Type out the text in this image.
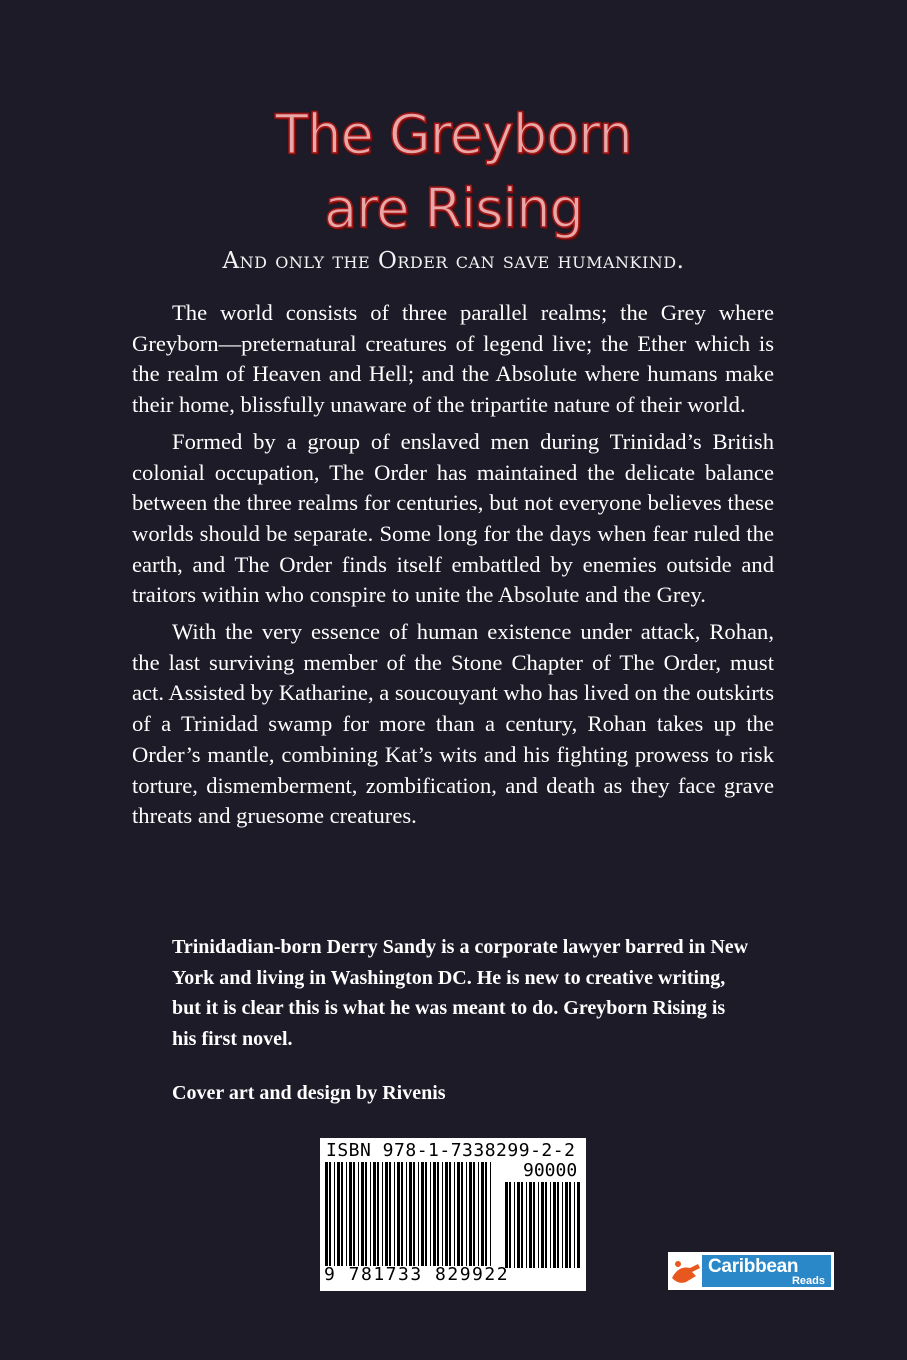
The Greyborn
are Rising
And only the Order can save humankind.

The world consists of three parallel realms; the Grey where Greyborn—preternatural creatures of legend live; the Ether which is the realm of Heaven and Hell; and the Absolute where humans make their home, blissfully unaware of the tripartite nature of their world.

Formed by a group of enslaved men during Trinidad’s British colonial occupation, The Order has maintained the delicate balance between the three realms for centuries, but not everyone believes these worlds should be separate. Some long for the days when fear ruled the earth, and The Order finds itself embattled by enemies outside and traitors within who conspire to unite the Absolute and the Grey.

With the very essence of human existence under attack, Rohan, the last surviving member of the Stone Chapter of The Order, must act. Assisted by Katharine, a soucouyant who has lived on the outskirts of a Trinidad swamp for more than a century, Rohan takes up the Order’s mantle, combining Kat’s wits and his fighting prowess to risk torture, dismemberment, zombification, and death as they face grave threats and gruesome creatures.

Trinidadian-born Derry Sandy is a corporate lawyer barred in New York and living in Washington DC. He is new to creative writing, but it is clear this is what he was meant to do. Greyborn Rising is his first novel.
Cover art and design by Rivenis
ISBN 978-1-7338299-2-2
90000
9 781733 829922	Caribbean
Reads
